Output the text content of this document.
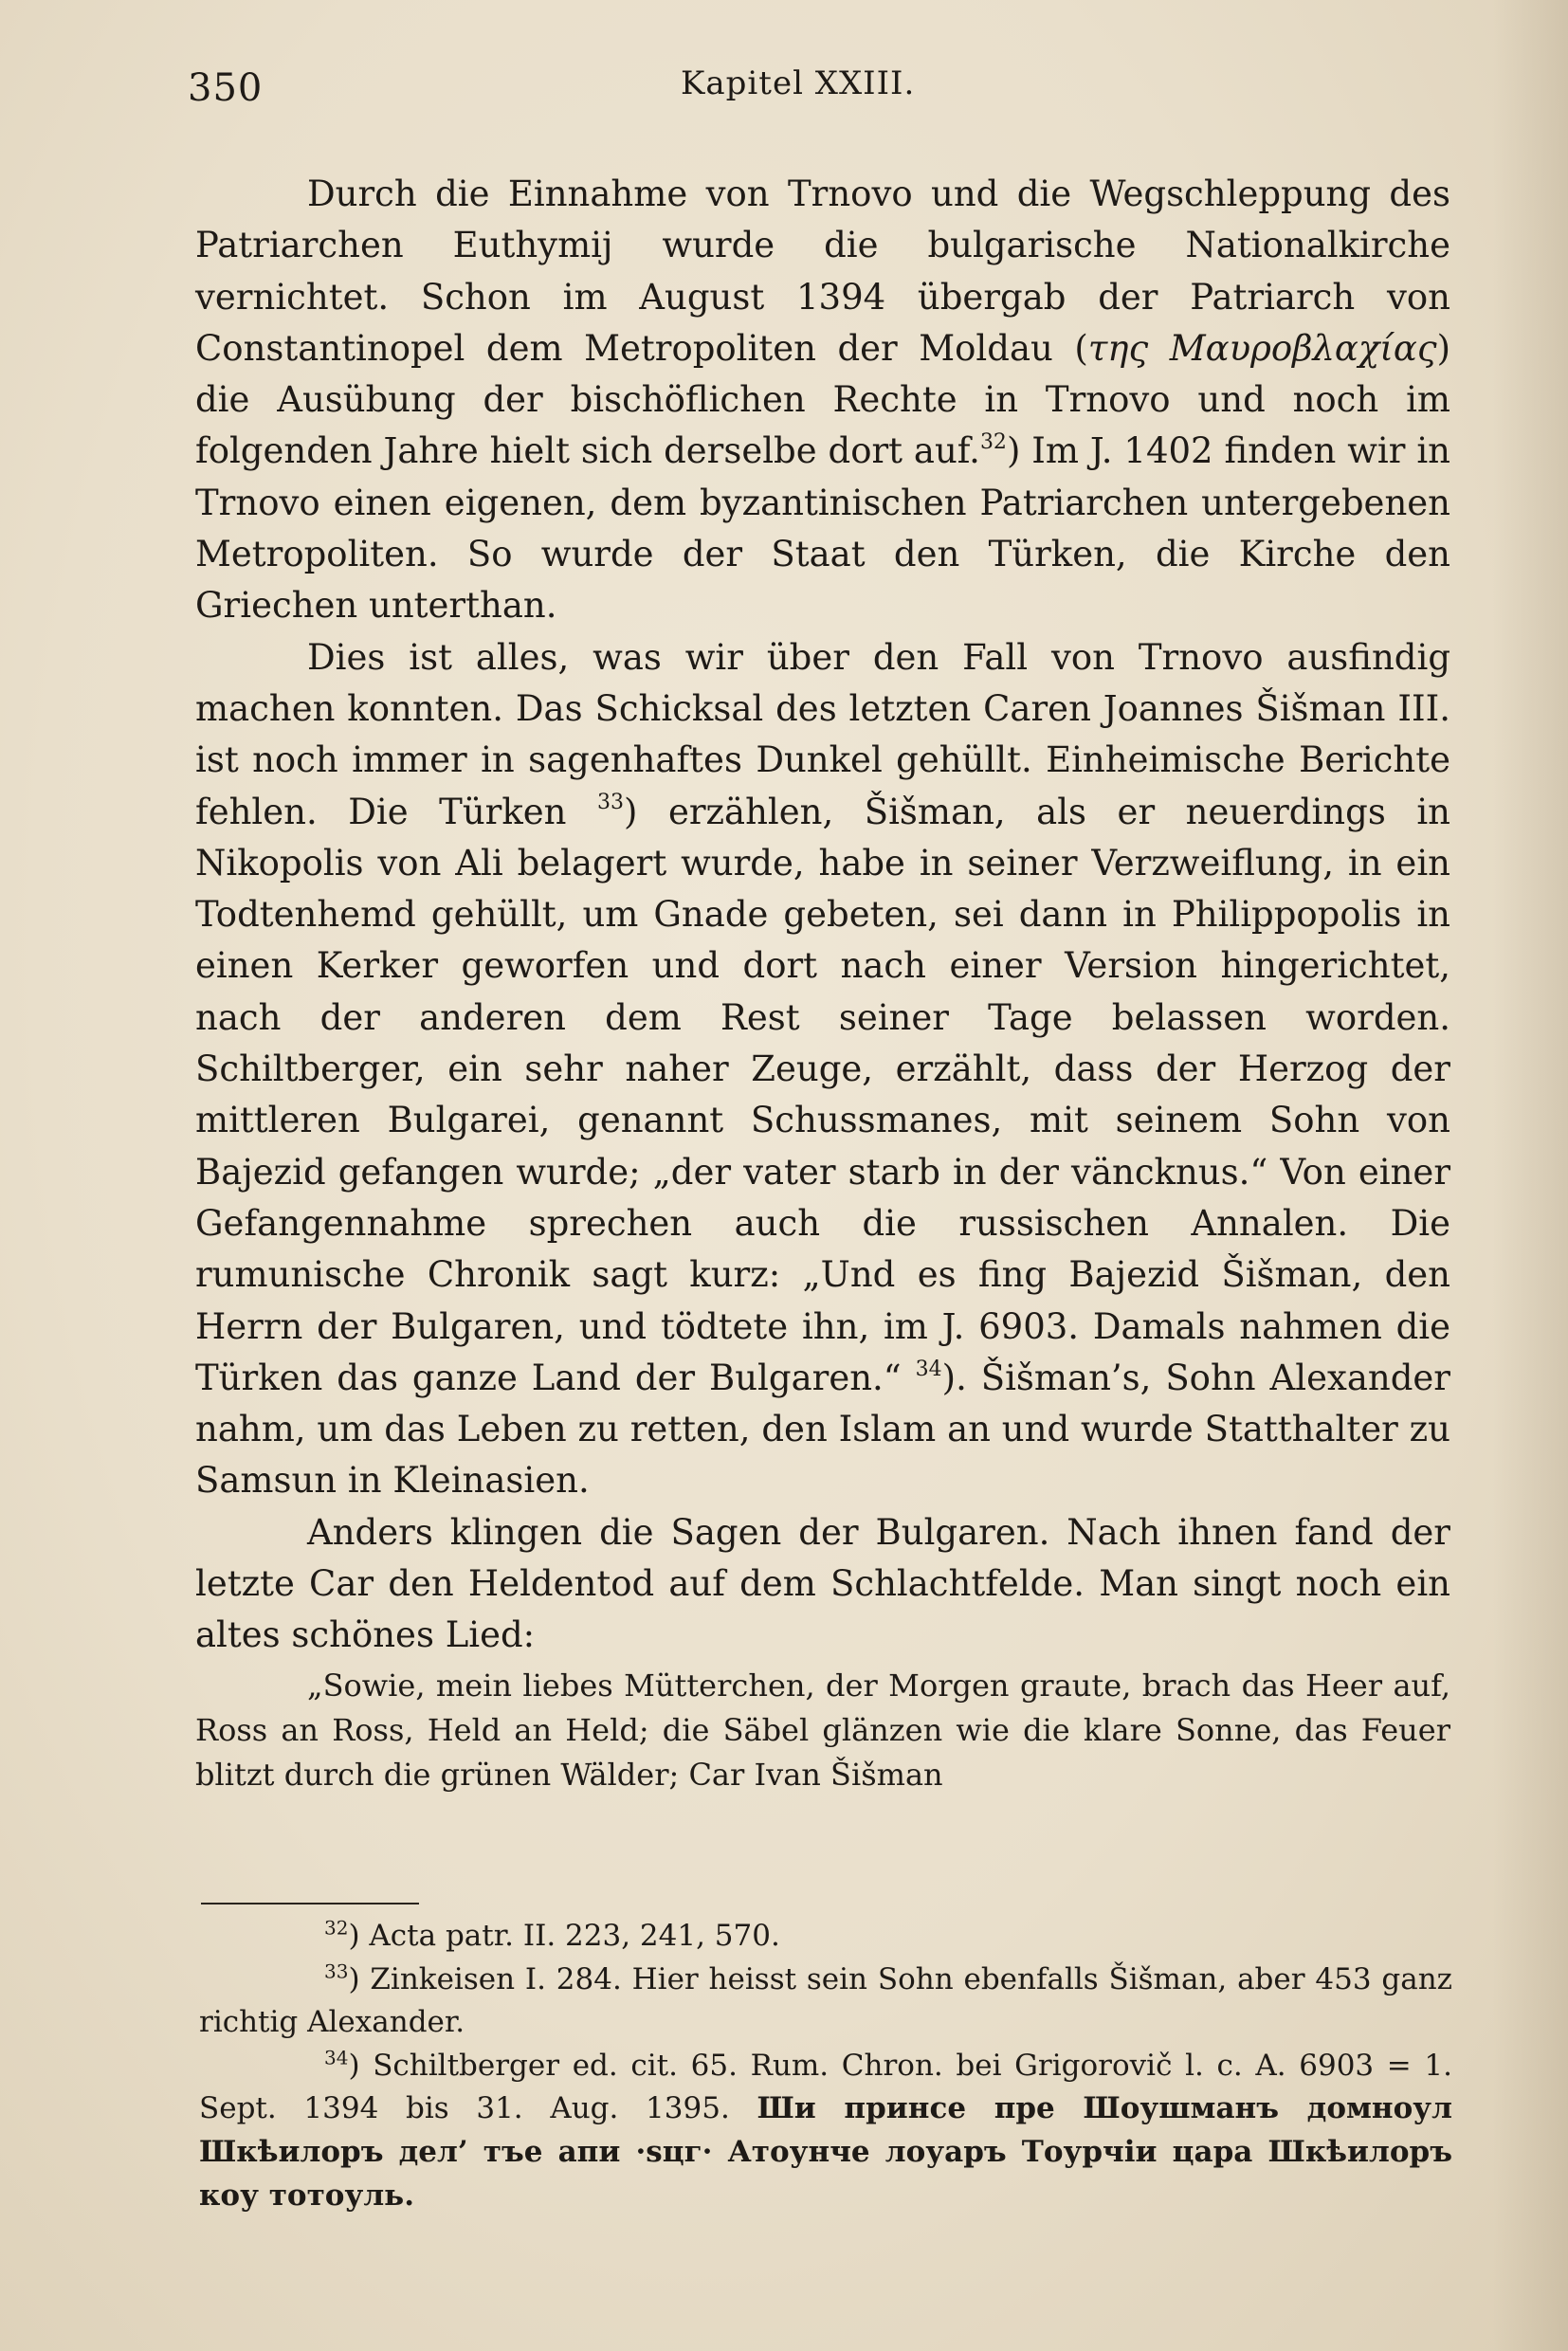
350	Kapitel XXIII.

Durch die Einnahme von Trnovo und die Wegschleppung des Patriarchen Euthymij wurde die bulgarische Nationalkirche vernichtet. Schon im August 1394 übergab der Patriarch von Constantinopel dem Metropoliten der Moldau (της Μαυροβλαχίας) die Ausübung der bischöflichen Rechte in Trnovo und noch im folgenden Jahre hielt sich derselbe dort auf.$^{32}$) Im J. 1402 finden wir in Trnovo einen eigenen, dem byzantinischen Patriarchen untergebenen Metropoliten. So wurde der Staat den Türken, die Kirche den Griechen unterthan.

Dies ist alles, was wir über den Fall von Trnovo ausfindig machen konnten. Das Schicksal des letzten Caren Joannes Šišman III. ist noch immer in sagenhaftes Dunkel gehüllt. Einheimische Berichte fehlen. Die Türken $^{33}$) erzählen, Šišman, als er neuerdings in Nikopolis von Ali belagert wurde, habe in seiner Verzweiflung, in ein Todtenhemd gehüllt, um Gnade gebeten, sei dann in Philippopolis in einen Kerker geworfen und dort nach einer Version hingerichtet, nach der anderen dem Rest seiner Tage belassen worden. Schiltberger, ein sehr naher Zeuge, erzählt, dass der Herzog der mittleren Bulgarei, genannt Schussmanes, mit seinem Sohn von Bajezid gefangen wurde; „der vater starb in der väncknus.“ Von einer Gefangennahme sprechen auch die russischen Annalen. Die rumunische Chronik sagt kurz: „Und es fing Bajezid Šišman, den Herrn der Bulgaren, und tödtete ihn, im J. 6903. Damals nahmen die Türken das ganze Land der Bulgaren.“ $^{34}$). Šišman’s, Sohn Alexander nahm, um das Leben zu retten, den Islam an und wurde Statthalter zu Samsun in Kleinasien.

Anders klingen die Sagen der Bulgaren. Nach ihnen fand der letzte Car den Heldentod auf dem Schlachtfelde. Man singt noch ein altes schönes Lied:

„Sowie, mein liebes Mütterchen, der Morgen graute, brach das Heer auf, Ross an Ross, Held an Held; die Säbel glänzen wie die klare Sonne, das Feuer blitzt durch die grünen Wälder; Car Ivan Šišman

$^{32}$) Acta patr. II. 223, 241, 570.

$^{33}$) Zinkeisen I. 284. Hier heisst sein Sohn ebenfalls Šišman, aber 453 ganz richtig Alexander.

$^{34}$) Schiltberger ed. cit. 65. Rum. Chron. bei Grigorovič l. c. A. 6903 = 1. Sept. 1394 bis 31. Aug. 1395. Ши принсе пре Шоушманъ домноул Шкѣилоръ дел’ тъе апи ·ѕцг· Атоунче лоуаръ Тоурчіи цара Шкѣилоръ коу тотоуль.
